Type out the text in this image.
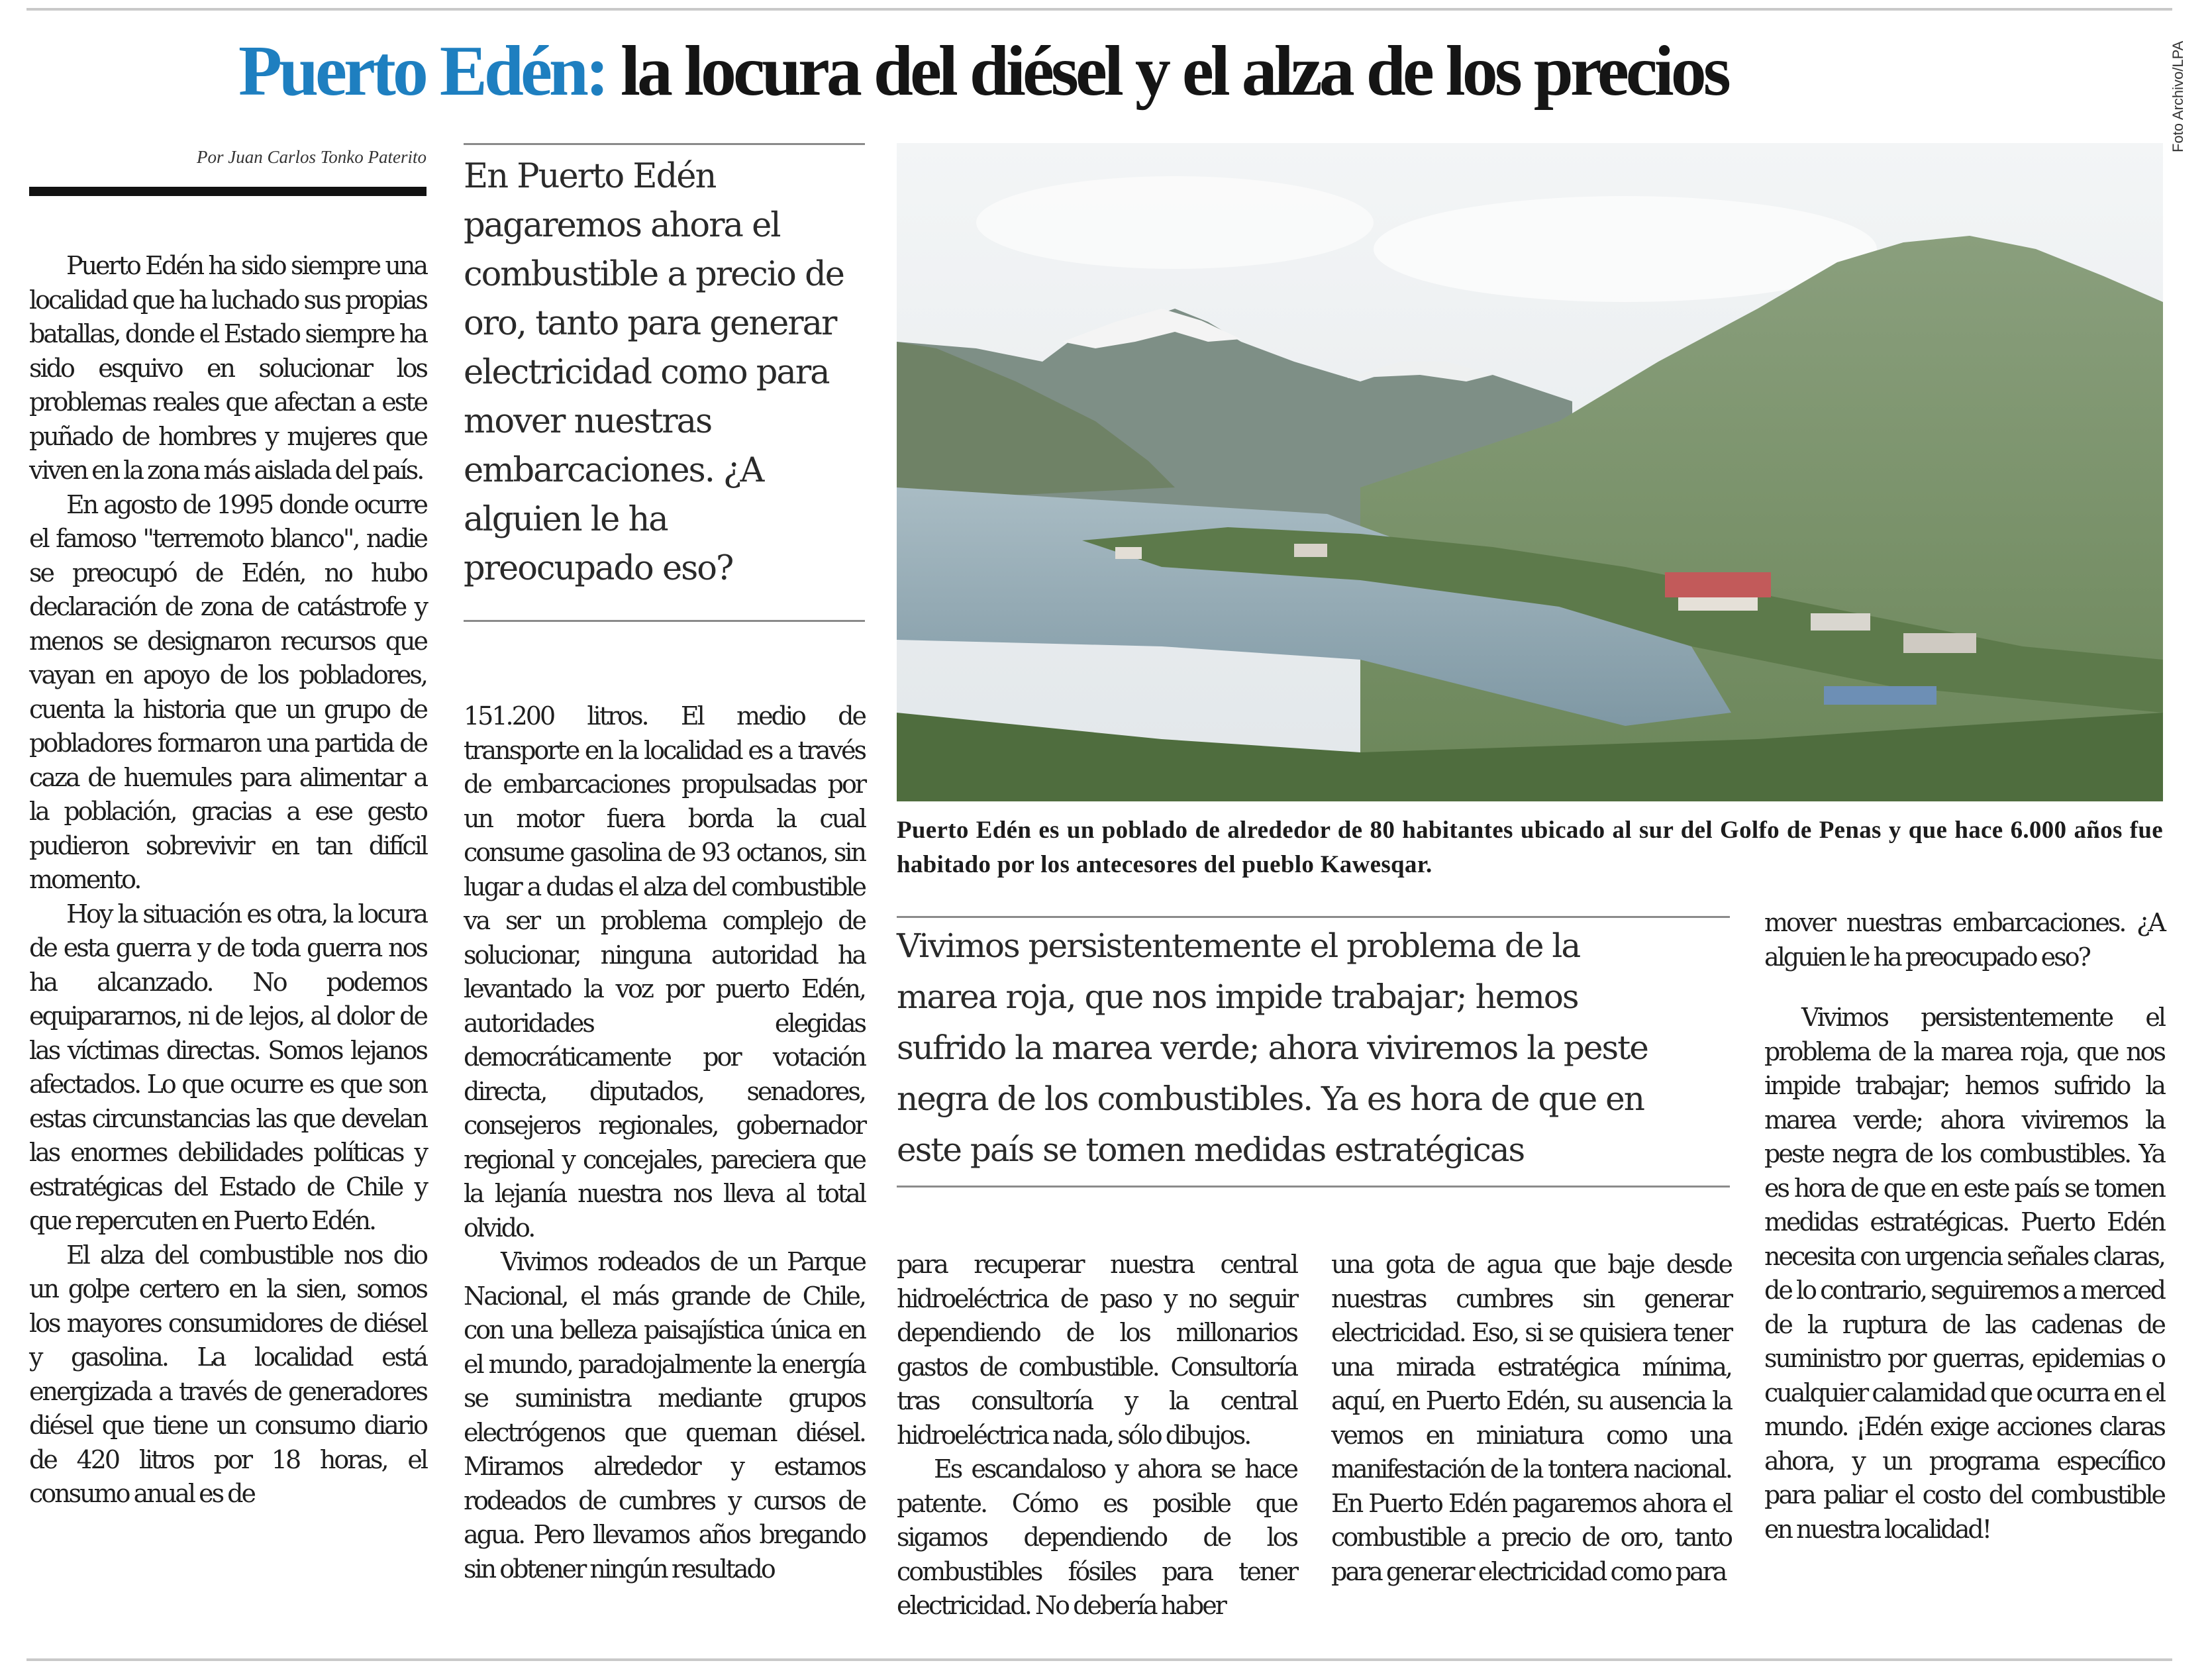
Puerto Edén: la locura del diésel y el alza de los precios
Por Juan Carlos Tonko Paterito

Puerto Edén ha sido siempre una localidad que ha luchado sus propias batallas, donde el Estado siempre ha sido esquivo en solucionar los problemas reales que afectan a este puñado de hombres y mujeres que viven en la zona más aislada del país.

En agosto de 1995 donde ocurre el famoso "terremoto blanco", nadie se preocupó de Edén, no hubo declaración de zona de catástrofe y menos se designaron recursos que vayan en apoyo de los pobladores, cuenta la historia que un grupo de pobladores formaron una partida de caza de huemules para alimentar a la población, gracias a ese gesto pudieron sobrevivir en tan difícil momento.

Hoy la situación es otra, la locura de esta guerra y de toda guerra nos ha alcanzado. No podemos equipararnos, ni de lejos, al dolor de las víctimas directas. Somos lejanos afectados. Lo que ocurre es que son estas circunstancias las que develan las enormes debilidades políticas y estratégicas del Estado de Chile y que repercuten en Puerto Edén.

El alza del combustible nos dio un golpe certero en la sien, somos los mayores consumidores de diésel y gasolina. La localidad está energizada a través de generadores diésel que tiene un consumo diario de 420 litros por 18 horas, el consumo anual es de

En Puerto Edén pagaremos ahora el combustible a precio de oro, tanto para generar electricidad como para mover nuestras embarcaciones. ¿A alguien le ha preocupado eso?

151.200 litros. El medio de transporte en la localidad es a través de embarcaciones propulsadas por un motor fuera borda la cual consume gasolina de 93 octanos, sin lugar a dudas el alza del combustible va ser un problema complejo de solucionar, ninguna autoridad ha levantado la voz por puerto Edén, autoridades elegidas democráticamente por votación directa, diputados, senadores, consejeros regionales, gobernador regional y concejales, pareciera que la lejanía nuestra nos lleva al total olvido.

Vivimos rodeados de un Parque Nacional, el más grande de Chile, con una belleza paisajística única en el mundo, paradojalmente la energía se suministra mediante grupos electrógenos que queman diésel. Miramos alrededor y estamos rodeados de cumbres y cursos de agua. Pero llevamos años bregando sin obtener ningún resultado

Foto Archivo/LPA
Puerto Edén es un poblado de alrededor de 80 habitantes ubicado al sur del Golfo de Penas y que hace 6.000 años fue habitado por los antecesores del pueblo Kawesqar.
Vivimos persistentemente el problema de la marea roja, que nos impide trabajar; hemos sufrido la marea verde; ahora viviremos la peste negra de los combustibles. Ya es hora de que en este país se tomen medidas estratégicas

para recuperar nuestra central hidroeléctrica de paso y no seguir dependiendo de los millonarios gastos de combustible. Consultoría tras consultoría y la central hidroeléctrica nada, sólo dibujos.

Es escandaloso y ahora se hace patente. Cómo es posible que sigamos dependiendo de los combustibles fósiles para tener electricidad. No debería haber

una gota de agua que baje desde nuestras cumbres sin generar electricidad. Eso, si se quisiera tener una mirada estratégica mínima, aquí, en Puerto Edén, su ausencia la vemos en miniatura como una manifestación de la tontera nacional. En Puerto Edén pagaremos ahora el combustible a precio de oro, tanto para generar electricidad como para

mover nuestras embarcaciones. ¿A alguien le ha preocupado eso?

Vivimos persistentemente el problema de la marea roja, que nos impide trabajar; hemos sufrido la marea verde; ahora viviremos la peste negra de los combustibles. Ya es hora de que en este país se tomen medidas estratégicas. Puerto Edén necesita con urgencia señales claras, de lo contrario, seguiremos a merced de la ruptura de las cadenas de suministro por guerras, epidemias o cualquier calamidad que ocurra en el mundo. ¡Edén exige acciones claras ahora, y un programa específico para paliar el costo del combustible en nuestra localidad!
